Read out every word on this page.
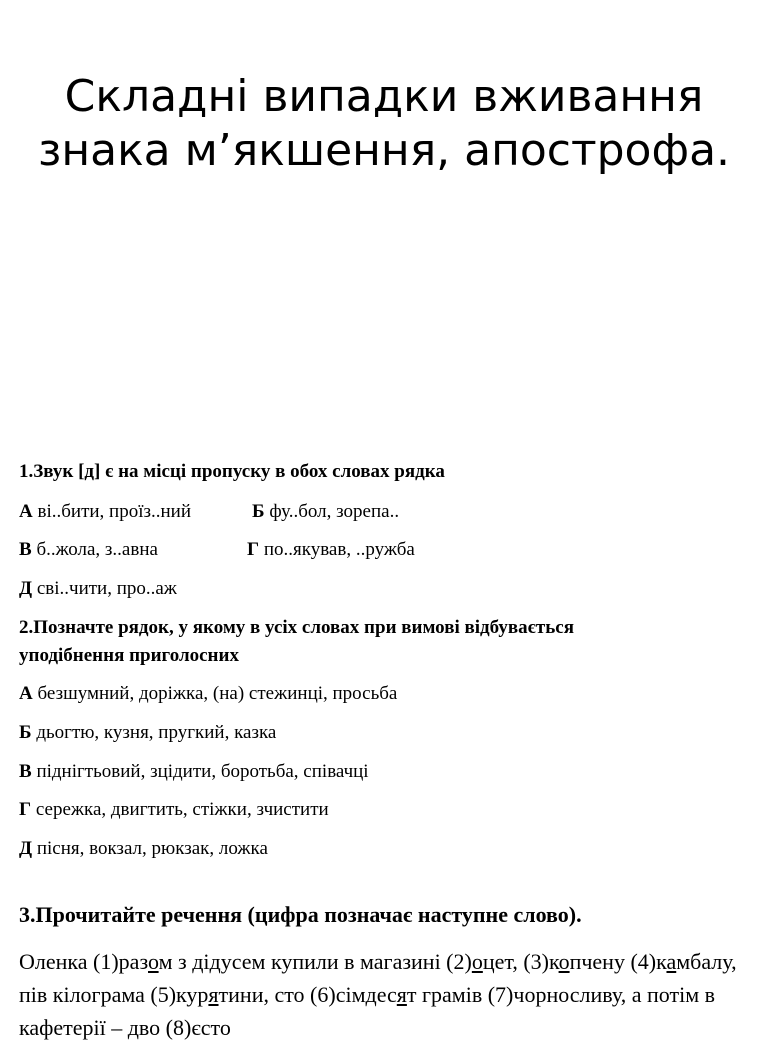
Складні випадки вживання знака м’якшення, апострофа.
1.Звук [д] є на місці пропуску в обох словах рядка
А ві..бити, проїз..ний	Б фу..бол, зорепа..
В б..жола, з..авна	Г по..якував, ..ружба
Д сві..чити, про..аж
2.Позначте рядок, у якому в усіх словах при вимові відбувається
уподібнення приголосних
А безшумний, доріжка, (на) стежинці, просьба
Б дьогтю, кузня, пругкий, казка
В піднігтьовий, зцідити, боротьба, співачці
Г сережка, двигтить, стіжки, зчистити
Д пісня, вокзал, рюкзак, ложка
3.Прочитайте речення (цифра позначає наступне слово).
Оленка (1)разом з дідусем купили в магазині (2)оцет, (3)копчену (4)камбалу, пів кілограма (5)курятини, сто (6)сімдесят грамів (7)чорносливу, а потім в кафетерії – дво (8)єсто
